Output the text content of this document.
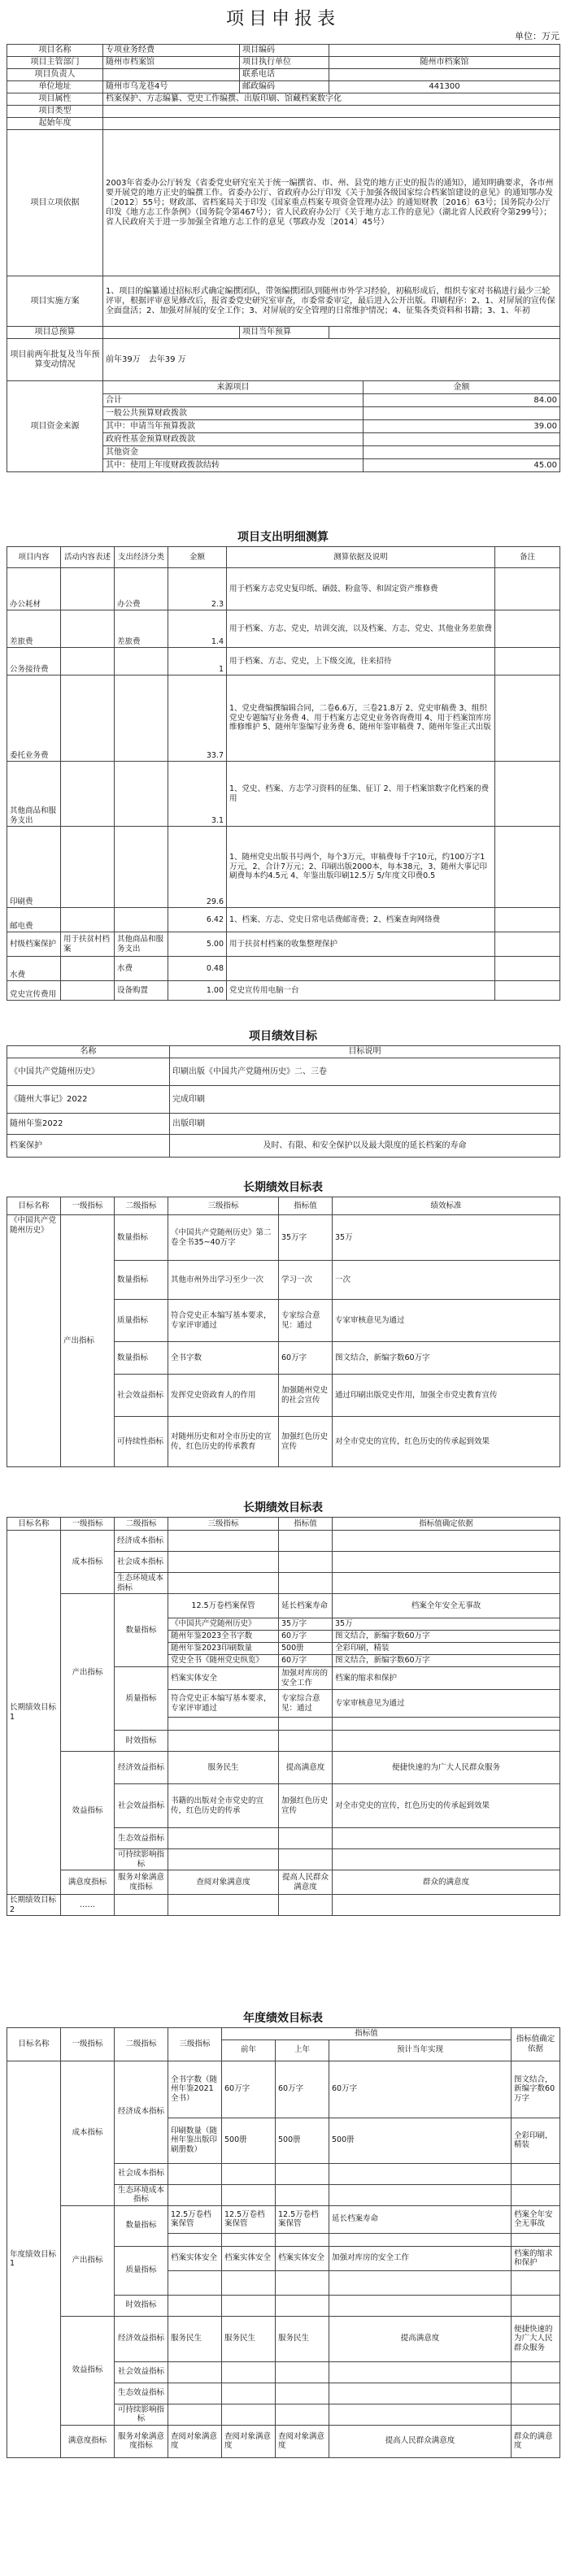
项目申报表
单位：万元
项目名称	专项业务经费	项目编码	
项目主管部门	随州市档案馆	项目执行单位	随州市档案馆
项目负责人		联系电话	
单位地址	随州市乌龙巷4号	邮政编码	441300
项目属性	档案保护、方志编纂、党史工作编撰、出版印刷、馆藏档案数字化		
项目类型			
起始年度			
项目立项依据	2003年省委办公厅转发《省委党史研究室关于统一编撰省、市、州、县党的地方正史的报告的通知》，通知明确要求，各市州要开展党的地方正史的编撰工作。省委办公厅、省政府办公厅印发《关于加强各级国家综合档案馆建设的意见》的通知鄂办发〔2012〕55号；财政部、省档案局关于印发《国家重点档案专项资金管理办法》的通知财教〔2016〕63号；国务院办公厅印发《地方志工作条例》（国务院令第467号）；省人民政府办公厅《关于地方志工作的意见》（湖北省人民政府令第299号）；省人民政府关于进一步加强全省地方志工作的意见（鄂政办发〔2014〕45号）		
项目实施方案	1、项目的编纂通过招标形式确定编撰团队，带领编撰团队到随州市外学习经验，初稿形成后，组织专家对书稿进行最少三轮评审，根据评审意见修改后，报省委党史研究室审查，市委常委审定，最后进入公开出版。印刷程序：2、1、对屏展的宣传保全面盘活；2、加强对屏展的安全工作；3、对屏展的安全管理的日常维护情况；4、征集各类资料和书籍；3、1、年初		
项目总预算		项目当年预算	
项目前两年批复及当年预算变动情况	前年39万　去年39 万		
项目资金来源	来源项目	金额
	合计	84.00
	一般公共预算财政拨款	
	其中：申请当年预算拨款	39.00
	政府性基金预算财政拨款	
	其他资金	
	其中：使用上年度财政拨款结转	45.00
项目支出明细测算
项目内容	活动内容表述	支出经济分类	金额	测算依据及说明	备注
办公耗材		办公费	2.3	用于档案方志党史复印纸、硒鼓、粉盒等、和固定资产维修费	
差旅费		差旅费	1.4	用于档案、方志、党史，培训交流，以及档案、方志、党史、其他业务差旅费	
公务接待费			1	用于档案、方志、党史，上下级交流，往来招待	
委托业务费			33.7	1、党史费编撰编辑合同，二卷6.6万，三卷21.8万 2、党史审稿费 3、组织党史专题编写业务费 4、用于档案方志党史业务咨询费用 4、用于档案馆库房维修维护 5、随州年鉴编写业务费 6、随州年鉴审稿费 7、随州年鉴正式出版	
其他商品和服务支出			3.1	1、党史、档案、方志学习资料的征集、征订 2、用于档案馆数字化档案的费用	
印刷费			29.6	1、随州党史出版书号两个，每个3万元，审稿费每千字10元，约100万字1万元，2、合计7万元；2、印刷出版2000本，每本38元，3、随州大事记印刷费每本约4.5元 4、年鉴出版印刷12.5万 5/年度文印费0.5	
邮电费			6.42	1、档案、方志、党史日常电话费邮寄费；2、档案查询网络费	
村级档案保护	用于扶贫村档案	其他商品和服务支出	5.00	用于扶贫村档案的收集整理保护	
水费		水费	0.48		
党史宣传费用		设备购置	1.00	党史宣传用电脑一台	
项目绩效目标
名称	目标说明
《中国共产党随州历史》	印刷出版《中国共产党随州历史》二、三卷
《随州大事记》2022	完成印刷
随州年鉴2022	出版印刷
档案保护	及时、有限、和安全保护以及最大限度的延长档案的寿命
长期绩效目标表
目标名称	一级指标	二级指标	三级指标	指标值	绩效标准
《中国共产党随州历史》	产出指标	数量指标	《中国共产党随州历史》第二卷全书35~40万字	35万字	35万
		数量指标	其他市州外出学习至少一次	学习一次	一次
		质量指标	符合党史正本编写基本要求，专家评审通过	专家综合意见：通过	专家审核意见为通过
		数量指标	全书字数	60万字	图文结合，新编字数60万字
		社会效益指标	发挥党史资政育人的作用	加强随州党史的社会宣传	通过印刷出版党史作用，加强全市党史教育宣传
		可持续性指标	对随州历史和对全市历史的宣传，红色历史的传承教育	加强红色历史宣传	对全市党史的宣传，红色历史的传承起到效果
长期绩效目标表
目标名称	一级指标	二级指标	三级指标	指标值	指标值确定依据
长期绩效目标1	成本指标	经济成本指标			
		社会成本指标			
		生态环境成本指标			
	产出指标	数量指标	12.5万卷档案保管	延长档案寿命	档案全年安全无事故
			《中国共产党随州历史》	35万字	35万
			随州年鉴2023全书字数	60万字	图文结合，新编字数60万字
			随州年鉴2023印刷数量	500册	全彩印刷，精装
			党史全书《随州党史纵览》	60万字	图文结合，新编字数60万字
		质量指标	档案实体安全	加强对库房的安全工作	档案的缩求和保护
			符合党史正本编写基本要求，专家评审通过	专家综合意见：通过	专家审核意见为通过

		时效指标			
	效益指标	经济效益指标	服务民生	提高满意度	便捷快速的为广大人民群众服务
		社会效益指标	书籍的出版对全市党史的宣传，红色历史的传承	加强红色历史宣传	对全市党史的宣传，红色历史的传承起到效果
		生态效益指标			
		可持续影响指标			
	满意度指标	服务对象满意度指标	查阅对象满意度	提高人民群众满意度	群众的满意度
长期绩效目标2	……				
年度绩效目标表
目标名称	一级指标	二级指标	三级指标	指标值			指标值确定依据
				前年	上年	预计当年实现	
年度绩效目标1	成本指标	经济成本指标	全书字数（随州年鉴2021全书）	60万字	60万字	60万字	图文结合，新编字数60万字
			印刷数量（随州年鉴出版印刷册数）	500册	500册	500册	全彩印刷，精装
		社会成本指标					
		生态环境成本指标					
	产出指标	数量指标	12.5万卷档案保管	12.5万卷档案保管	12.5万卷档案保管	延长档案寿命	档案全年安全无事故

		质量指标	档案实体安全	档案实体安全	档案实体安全	加强对库房的安全工作	档案的缩求和保护

		时效指标					
	效益指标	经济效益指标	服务民生	服务民生	服务民生	提高满意度	便捷快速的为广大人民群众服务
		社会效益指标					
		生态效益指标					
		可持续影响指标					
	满意度指标	服务对象满意度指标	查阅对象满意度	查阅对象满意度	查阅对象满意度	提高人民群众满意度	群众的满意度
